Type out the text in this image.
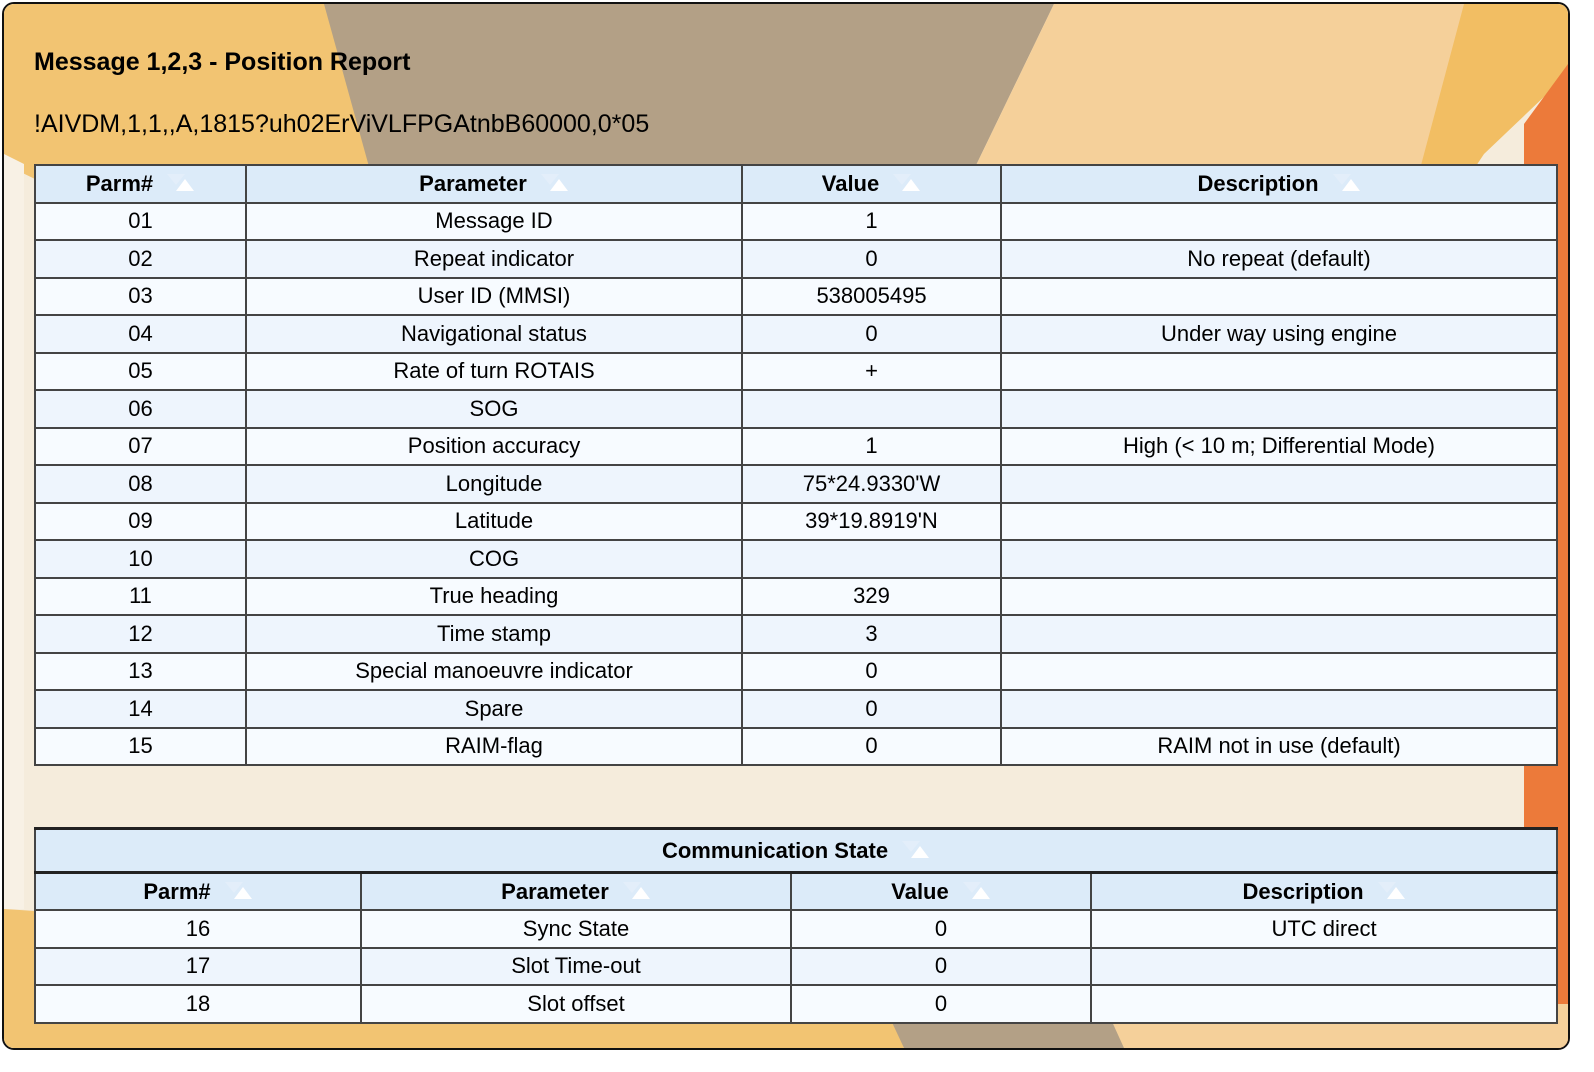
Message 1,2,3 - Position Report
!AIVDM,1,1,,A,1815?uh02ErViVLFPGAtnbB60000,0*05
Parm#	Parameter	Value	Description

01	Message ID	1	
02	Repeat indicator	0	No repeat (default)
03	User ID (MMSI)	538005495	
04	Navigational status	0	Under way using engine
05	Rate of turn ROTAIS	+	
06	SOG		
07	Position accuracy	1	High (< 10 m; Differential Mode)
08	Longitude	75*24.9330'W	
09	Latitude	39*19.8919'N	
10	COG		
11	True heading	329	
12	Time stamp	3	
13	Special manoeuvre indicator	0	
14	Spare	0	
15	RAIM-flag	0	RAIM not in use (default)
Communication State			

Parm#	Parameter	Value	Description

16	Sync State	0	UTC direct
17	Slot Time-out	0	
18	Slot offset	0	
